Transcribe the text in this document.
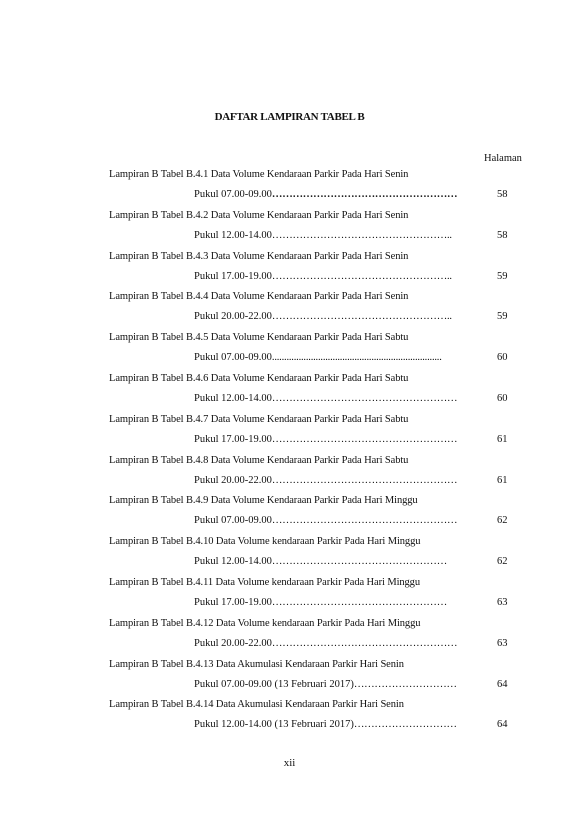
DAFTAR LAMPIRAN TABEL B
Halaman
Lampiran B Tabel B.4.1 Data Volume Kendaraan Parkir Pada Hari Senin
Pukul 07.00-09.00 ………………………………………………	58
Lampiran B Tabel B.4.2 Data Volume Kendaraan Parkir Pada Hari Senin
Pukul 12.00-14.00 ……………………………………………..	58
Lampiran B Tabel B.4.3 Data Volume Kendaraan Parkir Pada Hari Senin
Pukul 17.00-19.00 ……………………………………………..	59
Lampiran B Tabel B.4.4 Data Volume Kendaraan Parkir Pada Hari Senin
Pukul 20.00-22.00 ……………………………………………..	59
Lampiran B Tabel B.4.5 Data Volume Kendaraan Parkir Pada Hari Sabtu
Pukul 07.00-09.00 ......................................................................	60
Lampiran B Tabel B.4.6 Data Volume Kendaraan Parkir Pada Hari Sabtu
Pukul 12.00-14.00 ………………………………………………	60
Lampiran B Tabel B.4.7 Data Volume Kendaraan Parkir Pada Hari Sabtu
Pukul 17.00-19.00 ………………………………………………	61
Lampiran B Tabel B.4.8 Data Volume Kendaraan Parkir Pada Hari Sabtu
Pukul 20.00-22.00 ………………………………………………	61
Lampiran B Tabel B.4.9 Data Volume Kendaraan Parkir Pada Hari Minggu
Pukul 07.00-09.00 ………………………………………………	62
Lampiran B Tabel B.4.10 Data Volume kendaraan Parkir Pada Hari Minggu
Pukul 12.00-14.00 ……………………………………………	62
Lampiran B Tabel B.4.11 Data Volume kendaraan Parkir Pada Hari Minggu
Pukul 17.00-19.00 ……………………………………………	63
Lampiran B Tabel B.4.12 Data Volume kendaraan Parkir Pada Hari Minggu
Pukul 20.00-22.00 ………………………………………………	63
Lampiran B Tabel B.4.13 Data Akumulasi Kendaraan Parkir Hari Senin
Pukul 07.00-09.00 (13 Februari 2017) …………………………	64
Lampiran B Tabel B.4.14 Data Akumulasi Kendaraan Parkir Hari Senin
Pukul 12.00-14.00 (13 Februari 2017) …………………………	64
xii
